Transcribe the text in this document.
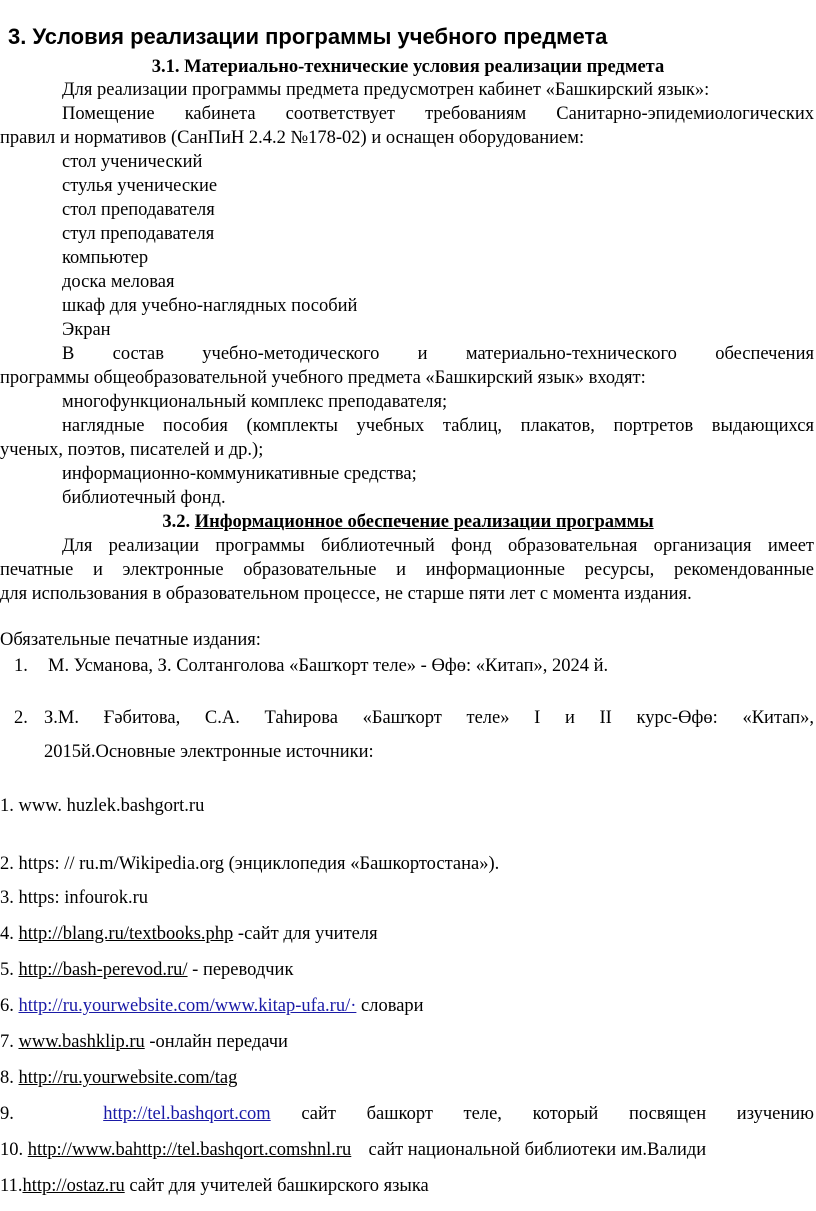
3. Условия реализации программы учебного предмета
3.1. Материально-технические условия реализации предмета
Для реализации программы предмета предусмотрен кабинет «Башкирский язык»:
Помещение кабинета соответствует требованиям Санитарно-эпидемиологических
правил и нормативов (СанПиН 2.4.2 №178-02) и оснащен оборудованием:
стол ученический
стулья ученические
стол преподавателя
стул преподавателя
компьютер
доска меловая
шкаф для учебно-наглядных пособий
Экран
В состав учебно-методического и материально-технического обеспечения
программы общеобразовательной учебного предмета «Башкирский язык» входят:
многофункциональный комплекс преподавателя;
наглядные пособия (комплекты учебных таблиц, плакатов, портретов выдающихся
ученых, поэтов, писателей и др.);
информационно-коммуникативные средства;
библиотечный фонд.
3.2. Информационное обеспечение реализации программы
Для реализации программы библиотечный фонд образовательная организация имеет
печатные и электронные образовательные и информационные ресурсы, рекомендованные
для использования в образовательном процессе, не старше пяти лет с момента издания.
Обязательные печатные издания:
1. М. Усманова, З. Солтанголова «Башҡорт теле» - Өфө: «Китап», 2024 й.
2. З.М. Ғәбитова, С.А. Таһирова «Башҡорт теле» I и II курс-Өфө: «Китап»,
2015й.Основные электронные источники:
1. www. huzlek.bashgort.ru
2. https: // ru.m/Wikipedia.org (энциклопедия «Башкортостана»).
3. https: infourok.ru
4. http://blang.ru/textbooks.php -сайт для учителя
5. http://bash-perevod.ru/ - переводчик
6. http://ru.yourwebsite.com/www.kitap-ufa.ru/· словари
7. www.bashklip.ru -онлайн передачи
8. http://ru.yourwebsite.com/tag
9.	http://tel.bashqort.com сайт башкорт теле, который посвящен изучению
10. http://www.bahttp://tel.bashqort.comshnl.ru сайт национальной библиотеки им.Валиди
11.http://ostaz.ru сайт для учителей башкирского языка
